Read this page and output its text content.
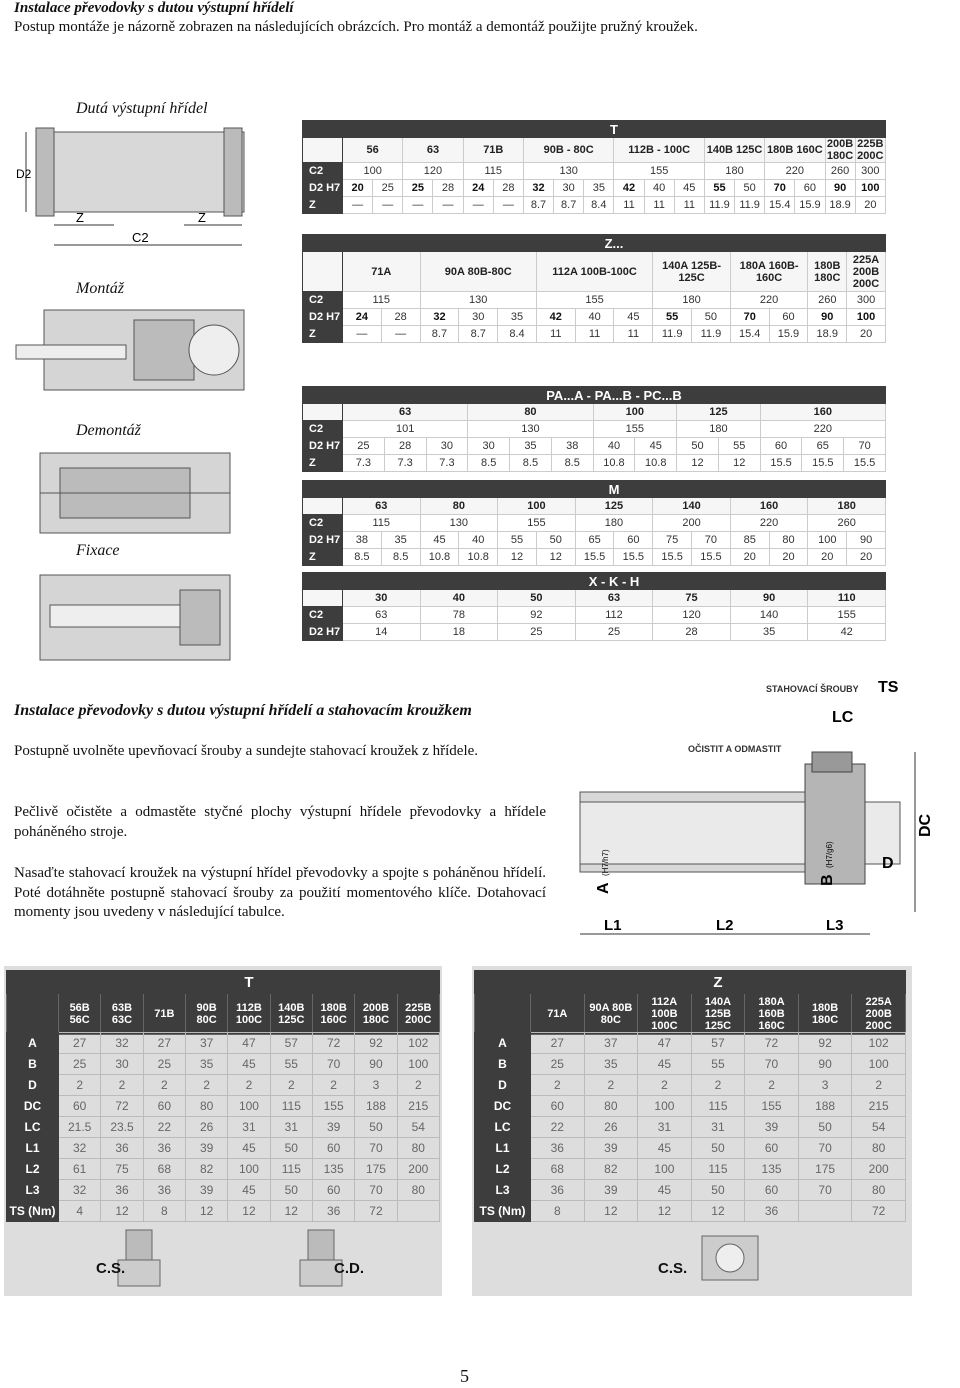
Instalace převodovky s dutou výstupní hřídelí
Postup montáže je názorně zobrazen na následujících obrázcích. Pro montáž a demontáž použijte pružný kroužek.
Dutá výstupní hřídel
D2
Z	Z
C2
Montáž
Demontáž
Fixace
	T																	
	56		63		71B		90B - 80C			112B - 100C			140B 125C		180B 160C		200B 180C	225B 200C
C2	100		120		115		130			155			180		220		260	300
D2 H7	20	25	25	28	24	28	32	30	35	42	40	45	55	50	70	60	90	100
Z	—	—	—	—	—	—	8.7	8.7	8.4	11	11	11	11.9	11.9	15.4	15.9	18.9	20
	Z...													
	71A		90A 80B-80C			112A 100B-100C			140A 125B-125C		180A 160B-160C		180B 180C	225A 200B 200C
C2	115		130			155			180		220		260	300
D2 H7	24	28	32	30	35	42	40	45	55	50	70	60	90	100
Z	—	—	8.7	8.7	8.4	11	11	11	11.9	11.9	15.4	15.9	18.9	20
	PA...A - PA...B - PC...B												
	63			80			100		125		160		
C2	101			130			155		180		220		
D2 H7	25	28	30	30	35	38	40	45	50	55	60	65	70
Z	7.3	7.3	7.3	8.5	8.5	8.5	10.8	10.8	12	12	15.5	15.5	15.5
	M													
	63		80		100		125		140		160		180	
C2	115		130		155		180		200		220		260	
D2 H7	38	35	45	40	55	50	65	60	75	70	85	80	100	90
Z	8.5	8.5	10.8	10.8	12	12	15.5	15.5	15.5	15.5	20	20	20	20
	X - K - H						
	30	40	50	63	75	90	110
C2	63	78	92	112	120	140	155
D2 H7	14	18	25	25	28	35	42
Instalace převodovky s dutou výstupní hřídelí a stahovacím kroužkem
Postupně uvolněte upevňovací šrouby a sundejte stahovací kroužek z hřídele.
Pečlivě očistěte a odmastěte styčné plochy výstupní hřídele převodovky a hřídele poháněného stroje.
Nasaďte stahovací kroužek na výstupní hřídel převodovky a spojte s poháněnou hřídelí. Poté dotáhněte postupně stahovací šrouby za použití momentového klíče. Dotahovací momenty jsou uvedeny v následující tabulce.
STAHOVACÍ ŠROUBY TS
LC
OČISTIT A ODMASTIT
DC
D
A
(H7/h7)
B
(H7/g6)
L1	L2	L3
	T								
	56B 56C	63B 63C	71B	90B 80C	112B 100C	140B 125C	180B 160C	200B 180C	225B 200C
A	27	32	27	37	47	57	72	92	102
B	25	30	25	35	45	55	70	90	100
D	2	2	2	2	2	2	2	3	2
DC	60	72	60	80	100	115	155	188	215
LC	21.5	23.5	22	26	31	31	39	50	54
L1	32	36	36	39	45	50	60	70	80
L2	61	75	68	82	100	115	135	175	200
L3	32	36	36	39	45	50	60	70	80
TS (Nm)	4	12	8	12	12	12	36	72	
C.S.	C.D.
	Z						
	71A	90A 80B 80C	112A 100B 100C	140A 125B 125C	180A 160B 160C	180B 180C	225A 200B 200C
A	27	37	47	57	72	92	102
B	25	35	45	55	70	90	100
D	2	2	2	2	2	3	2
DC	60	80	100	115	155	188	215
LC	22	26	31	31	39	50	54
L1	36	39	45	50	60	70	80
L2	68	82	100	115	135	175	200
L3	36	39	45	50	60	70	80
TS (Nm)	8	12	12	12	36		72
C.S.
5
